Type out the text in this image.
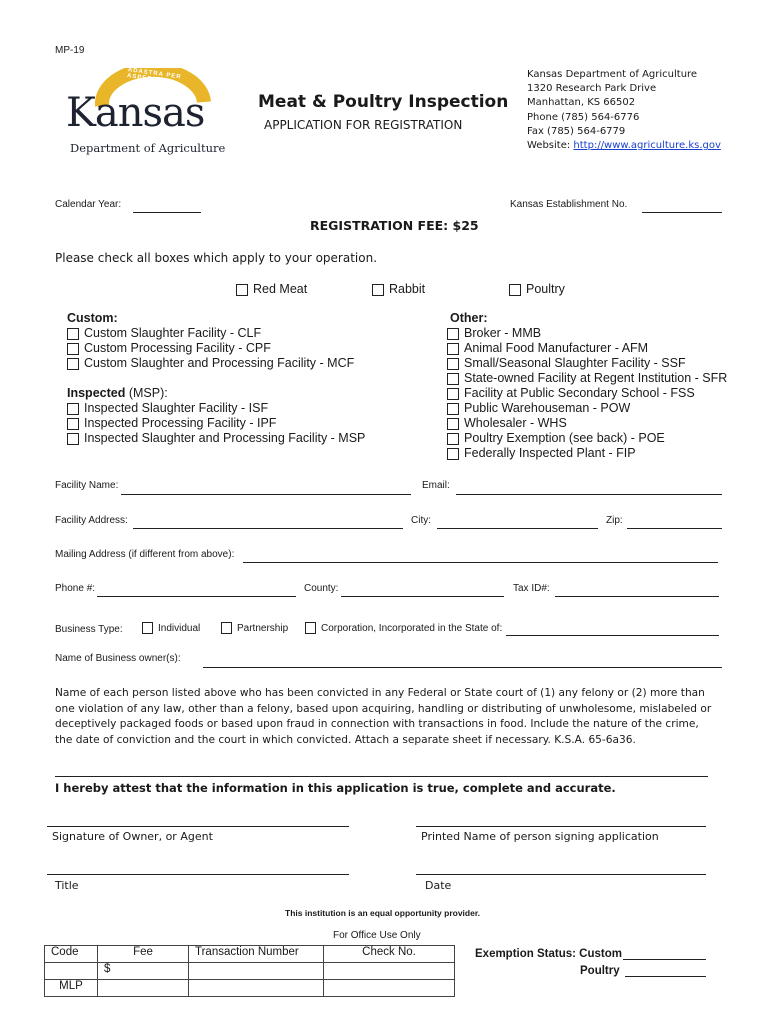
MP-19
ADASTRA PER ASPERA
Kansas
Department of Agriculture
Meat & Poultry Inspection
APPLICATION FOR REGISTRATION
Kansas Department of Agriculture
1320 Research Park Drive
Manhattan, KS 66502
Phone (785) 564-6776
Fax (785) 564-6779
Website: http://www.agriculture.ks.gov
Calendar Year:	Kansas Establishment No.
REGISTRATION FEE: $25
Please check all boxes which apply to your operation.
Red Meat	Rabbit	Poultry
Custom:
Custom Slaughter Facility - CLF
Custom Processing Facility - CPF
Custom Slaughter and Processing Facility - MCF
Inspected (MSP):
Inspected Slaughter Facility - ISF
Inspected Processing Facility - IPF
Inspected Slaughter and Processing Facility - MSP
Other:
Broker - MMB
Animal Food Manufacturer - AFM
Small/Seasonal Slaughter Facility - SSF
State-owned Facility at Regent Institution - SFR
Facility at Public Secondary School - FSS
Public Warehouseman - POW
Wholesaler - WHS
Poultry Exemption (see back) - POE
Federally Inspected Plant - FIP
Facility Name:	Email:
Facility Address:	City:	Zip:
Mailing Address (if different from above):
Phone #:	County:	Tax ID#:
Business Type:	Individual	Partnership	Corporation, Incorporated in the State of:
Name of Business owner(s):
Name of each person listed above who has been convicted in any Federal or State court of (1) any felony or (2) more than one violation of any law, other than a felony, based upon acquiring, handling or distributing of unwholesome, mislabeled or deceptively packaged foods or based upon fraud in connection with transactions in food. Include the nature of the crime, the date of conviction and the court in which convicted. Attach a separate sheet if necessary. K.S.A. 65-6a36.
I hereby attest that the information in this application is true, complete and accurate.
Signature of Owner, or Agent	Printed Name of person signing application
Title	Date
This institution is an equal opportunity provider.
For Office Use Only
Code	Fee	Transaction Number	Check No.
	$		
MLP			
Exemption Status: Custom
Poultry
